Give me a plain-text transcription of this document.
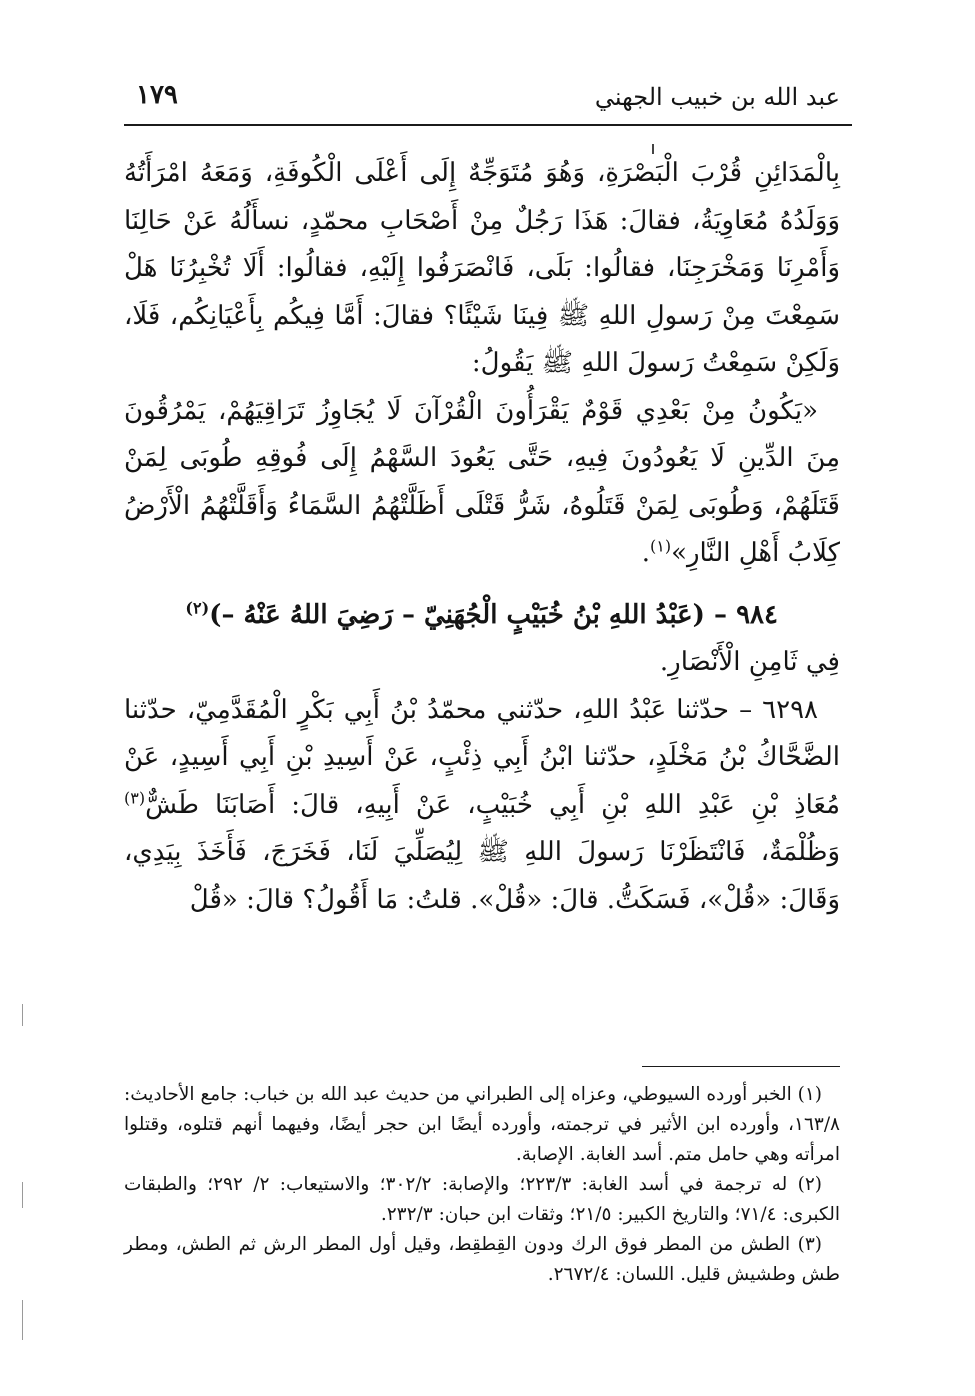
عبد الله بن خبيب الجهني
١٧٩

بِالْمَدَائِنِ قُرْبَ الْبَصْرَةِ، وَهُوَ مُتَوَجِّهٌ إِلَى أَعْلَى الْكُوفَةِ، وَمَعَهُ امْرَأَتُهُ وَوَلَدُهُ مُعَاوِيَةُ، فقالَ: هَذَا رَجُلٌ مِنْ أَصْحَابِ محمّدٍ، نسأَلُهُ عَنْ حَالِنَا وَأَمْرِنَا وَمَخْرَجِنَا، فقالُوا: بَلَى، فَانْصَرَفُوا إِلَيْهِ، فقالُوا: أَلَا تُخْبِرُنَا هَلْ سَمِعْتَ مِنْ رَسولِ اللهِ ﷺ فِينَا شَيْئًا؟ فقالَ: أَمَّا فِيكُم بِأَعْيَانِكُم، فَلَا، وَلَكِنْ سَمِعْتُ رَسولَ اللهِ ﷺ يَقُولُ:

«يَكُونُ مِنْ بَعْدِي قَوْمٌ يَقْرَأُونَ الْقُرْآنَ لَا يُجَاوِزُ تَرَاقِيَهُمْ، يَمْرُقُونَ مِنَ الدِّينِ لَا يَعُودُونَ فِيهِ، حَتَّى يَعُودَ السَّهْمُ إِلَى فُوقِهِ طُوبَى لِمَنْ قَتَلَهُمْ، وَطُوبَى لِمَنْ قَتَلُوهُ، شَرُّ قَتْلَى أَظَلَّتْهُمُ السَّمَاءُ وَأَقَلَّتْهُمُ الْأَرْضُ كِلَابُ أَهْلِ النَّارِ»$^{(١)}$.

٩٨٤ – (عَبْدُ اللهِ بْنُ خُبَيْبٍ الْجُهَنِيّ – رَضِيَ اللهُ عَنْهُ –)$^{(٢)}$

فِي ثَامِنِ الْأَنْصَارِ.

٦٢٩٨ – حدّثنا عَبْدُ اللهِ، حدّثني محمّدُ بْنُ أَبِي بَكْرٍ الْمُقَدَّمِيّ، حدّثنا الضَّحَّاكُ بْنُ مَخْلَدٍ، حدّثنا ابْنُ أَبِي ذِئْبٍ، عَنْ أَسِيدِ بْنِ أَبِي أَسِيدٍ، عَنْ مُعَاذِ بْنِ عَبْدِ اللهِ بْنِ أَبِي خُبَيْبٍ، عَنْ أَبِيهِ، قالَ: أَصَابَنَا طَشٌّ$^{(٣)}$ وَظُلْمَةٌ، فَانْتَظَرْنَا رَسولَ اللهِ ﷺ لِيُصَلِّيَ لَنَا، فَخَرَجَ، فَأَخَذَ بِيَدِي، وَقَالَ: «قُلْ»، فَسَكَتُّ. قالَ: «قُلْ». قلتُ: مَا أَقُولُ؟ قالَ: «قُلْ

(١) الخبر أورده السيوطي، وعزاه إلى الطبراني من حديث عبد الله بن خباب: جامع الأحاديث: ١٦٣/٨، وأورده ابن الأثير في ترجمته، وأورده أيضًا ابن حجر أيضًا، وفيهما أنهم قتلوه، وقتلوا امرأته وهي حامل متم. أسد الغابة. الإصابة.

(٢) له ترجمة في أسد الغابة: ٢٢٣/٣؛ والإصابة: ٣٠٢/٢؛ والاستيعاب: ٢/ ٢٩٢؛ والطبقات الكبرى: ٧١/٤؛ والتاريخ الكبير: ٢١/٥؛ وثقات ابن حبان: ٢٣٢/٣.

(٣) الطش من المطر فوق الرك ودون القِطقِط، وقيل أول المطر الرش ثم الطش، ومطر طش وطشيش قليل. اللسان: ٢٦٧٢/٤.
